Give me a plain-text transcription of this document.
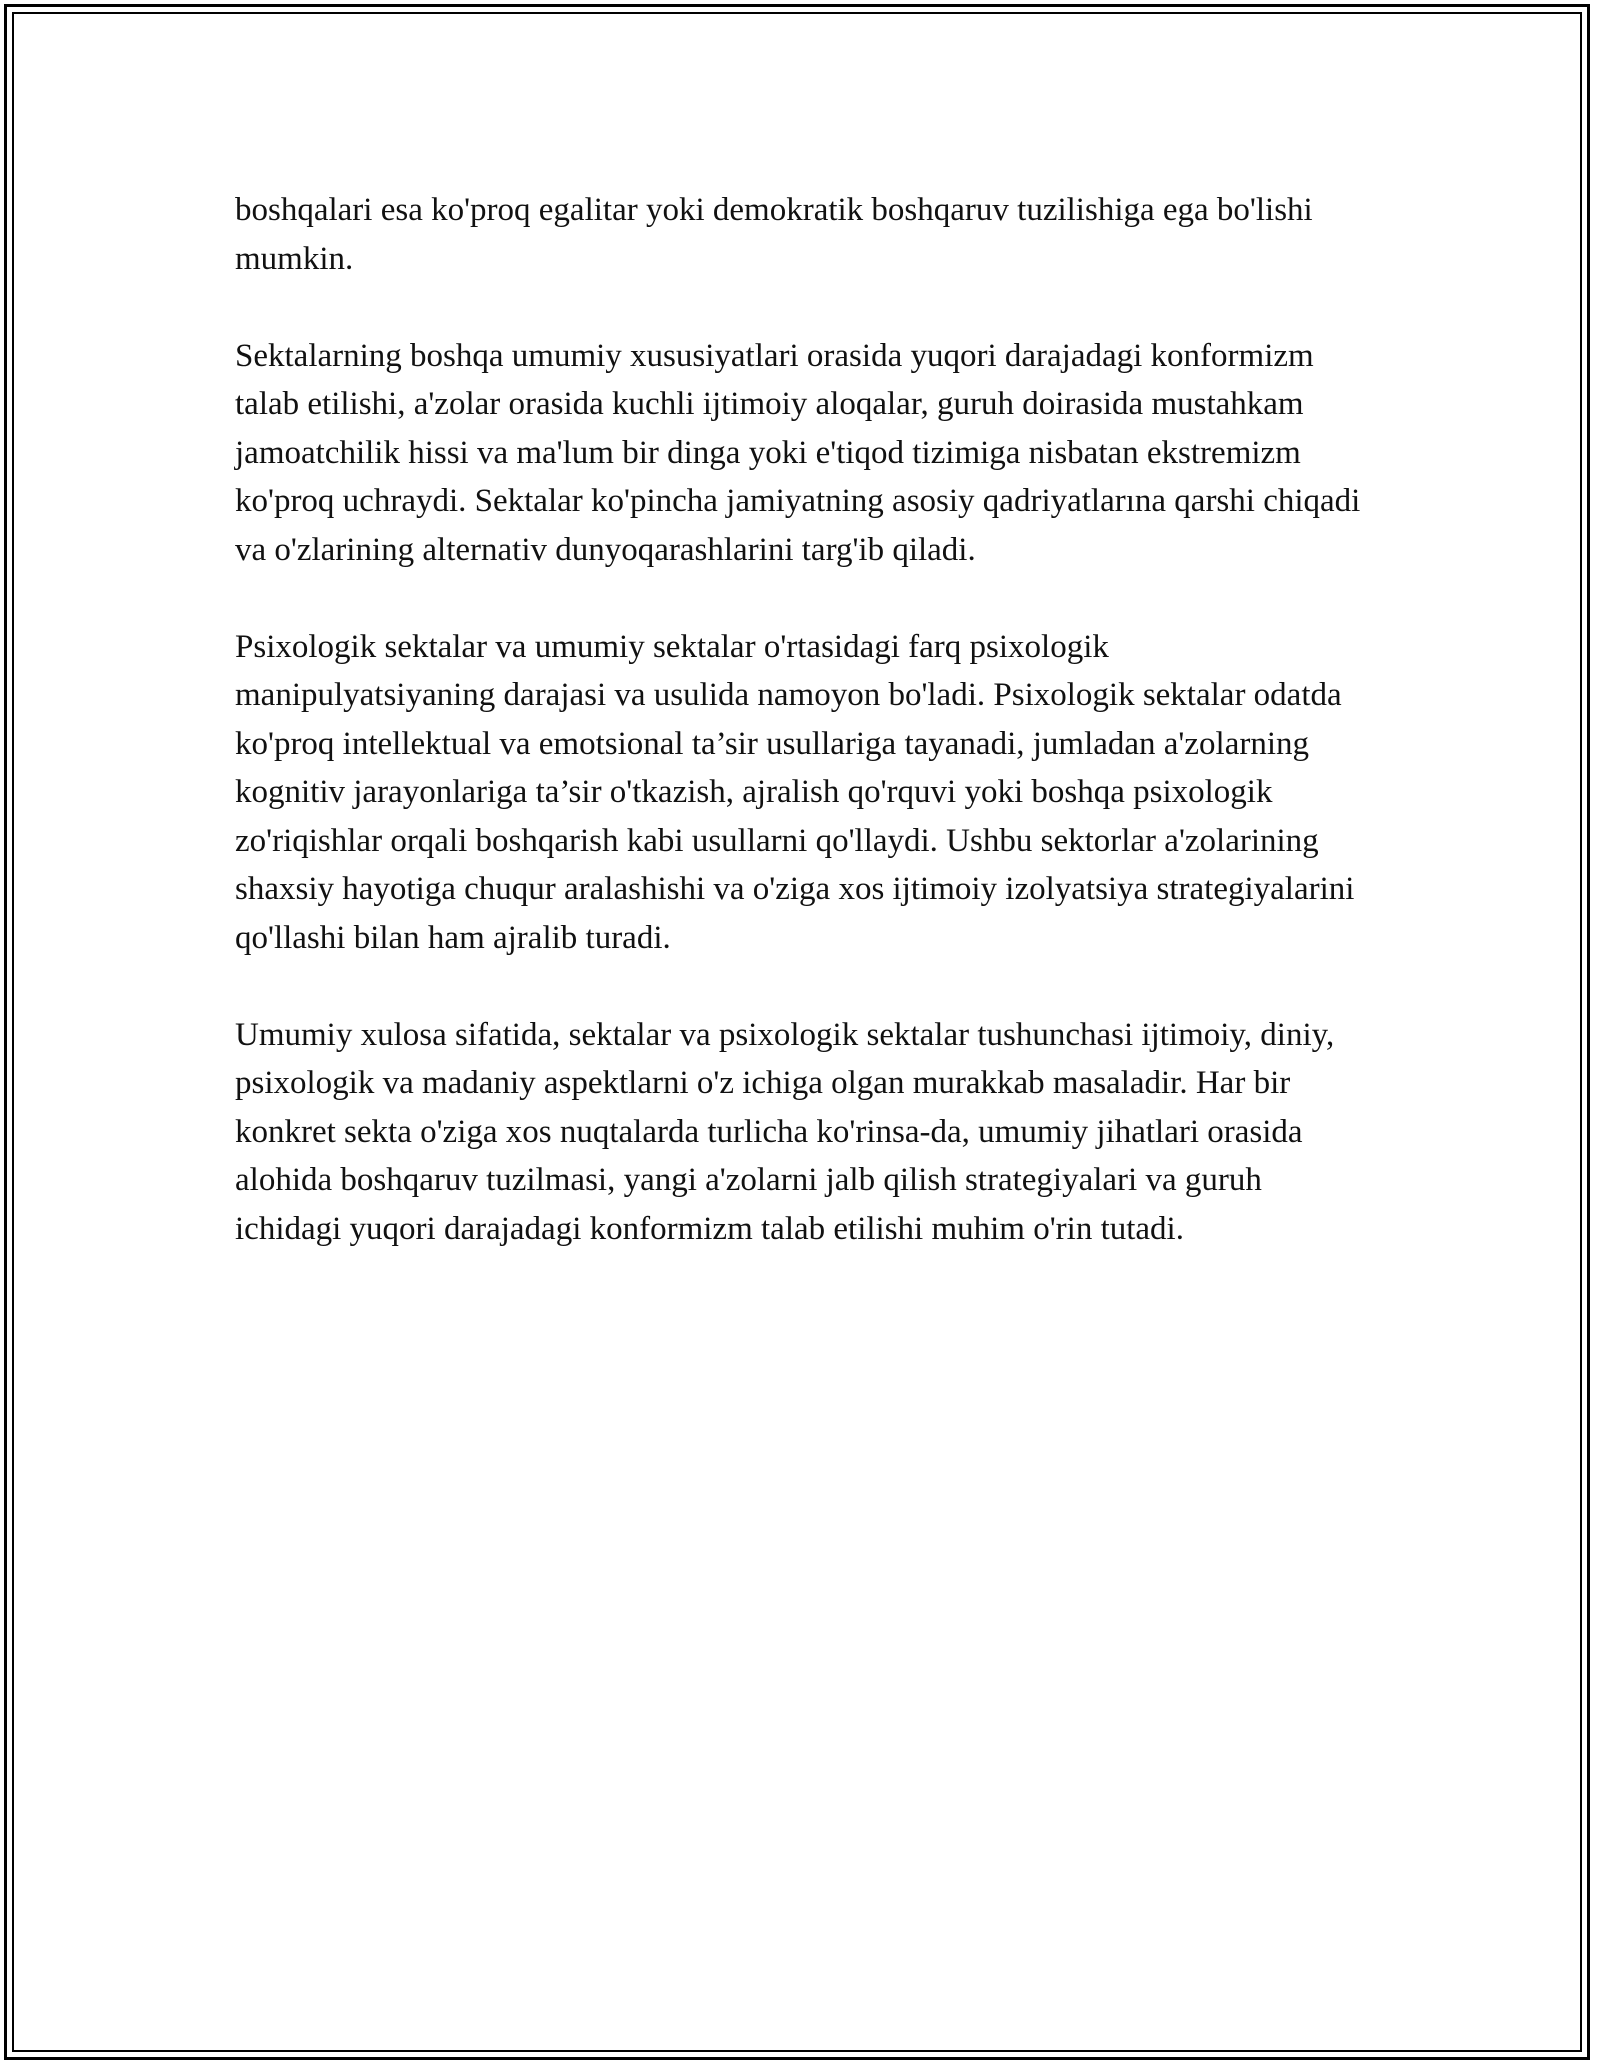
boshqalari esa ko'proq egalitar yoki demokratik boshqaruv tuzilishiga ega bo'lishi mumkin.

Sektalarning boshqa umumiy xususiyatlari orasida yuqori darajadagi konformizm talab etilishi, a'zolar orasida kuchli ijtimoiy aloqalar, guruh doirasida mustahkam jamoatchilik hissi va ma'lum bir dinga yoki e'tiqod tizimiga nisbatan ekstremizm ko'proq uchraydi. Sektalar ko'pincha jamiyatning asosiy qadriyatlarına qarshi chiqadi va o'zlarining alternativ dunyoqarashlarini targ'ib qiladi.

Psixologik sektalar va umumiy sektalar o'rtasidagi farq psixologik manipulyatsiyaning darajasi va usulida namoyon bo'ladi. Psixologik sektalar odatda ko'proq intellektual va emotsional ta’sir usullariga tayanadi, jumladan a'zolarning kognitiv jarayonlariga ta’sir o'tkazish, ajralish qo'rquvi yoki boshqa psixologik zo'riqishlar orqali boshqarish kabi usullarni qo'llaydi. Ushbu sektorlar a'zolarining shaxsiy hayotiga chuqur aralashishi va o'ziga xos ijtimoiy izolyatsiya strategiyalarini qo'llashi bilan ham ajralib turadi.

Umumiy xulosa sifatida, sektalar va psixologik sektalar tushunchasi ijtimoiy, diniy, psixologik va madaniy aspektlarni o'z ichiga olgan murakkab masaladir. Har bir konkret sekta o'ziga xos nuqtalarda turlicha ko'rinsa-da, umumiy jihatlari orasida alohida boshqaruv tuzilmasi, yangi a'zolarni jalb qilish strategiyalari va guruh ichidagi yuqori darajadagi konformizm talab etilishi muhim o'rin tutadi.
